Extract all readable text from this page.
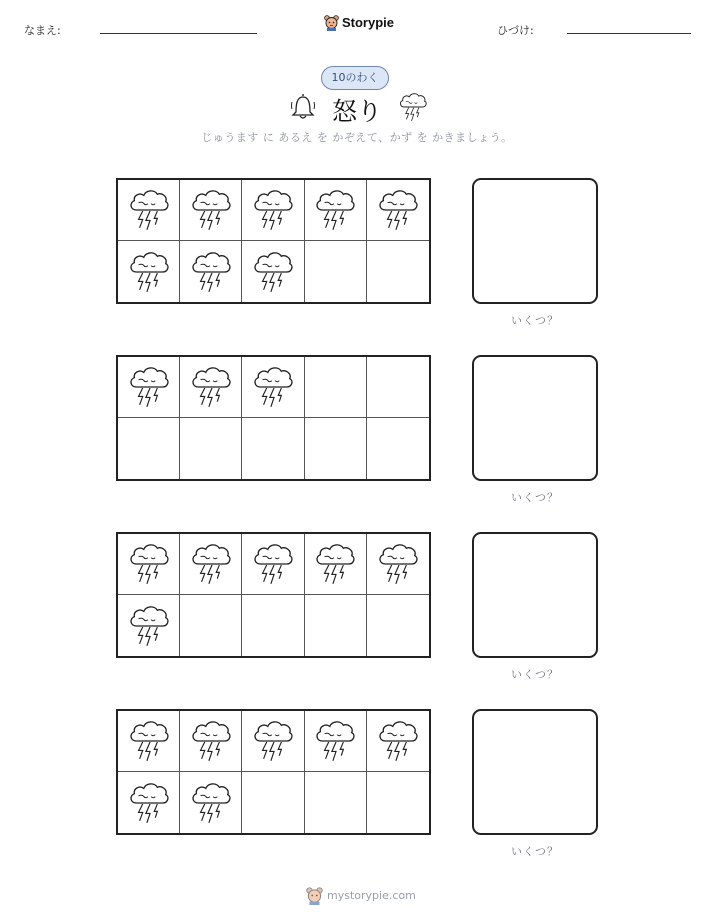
なまえ:	ひづけ:
Storypie
10のわく
怒り
じゅうます に あるえ を かぞえて、かず を かきましょう。
いくつ？
いくつ？
いくつ？
いくつ？
mystorypie.com
